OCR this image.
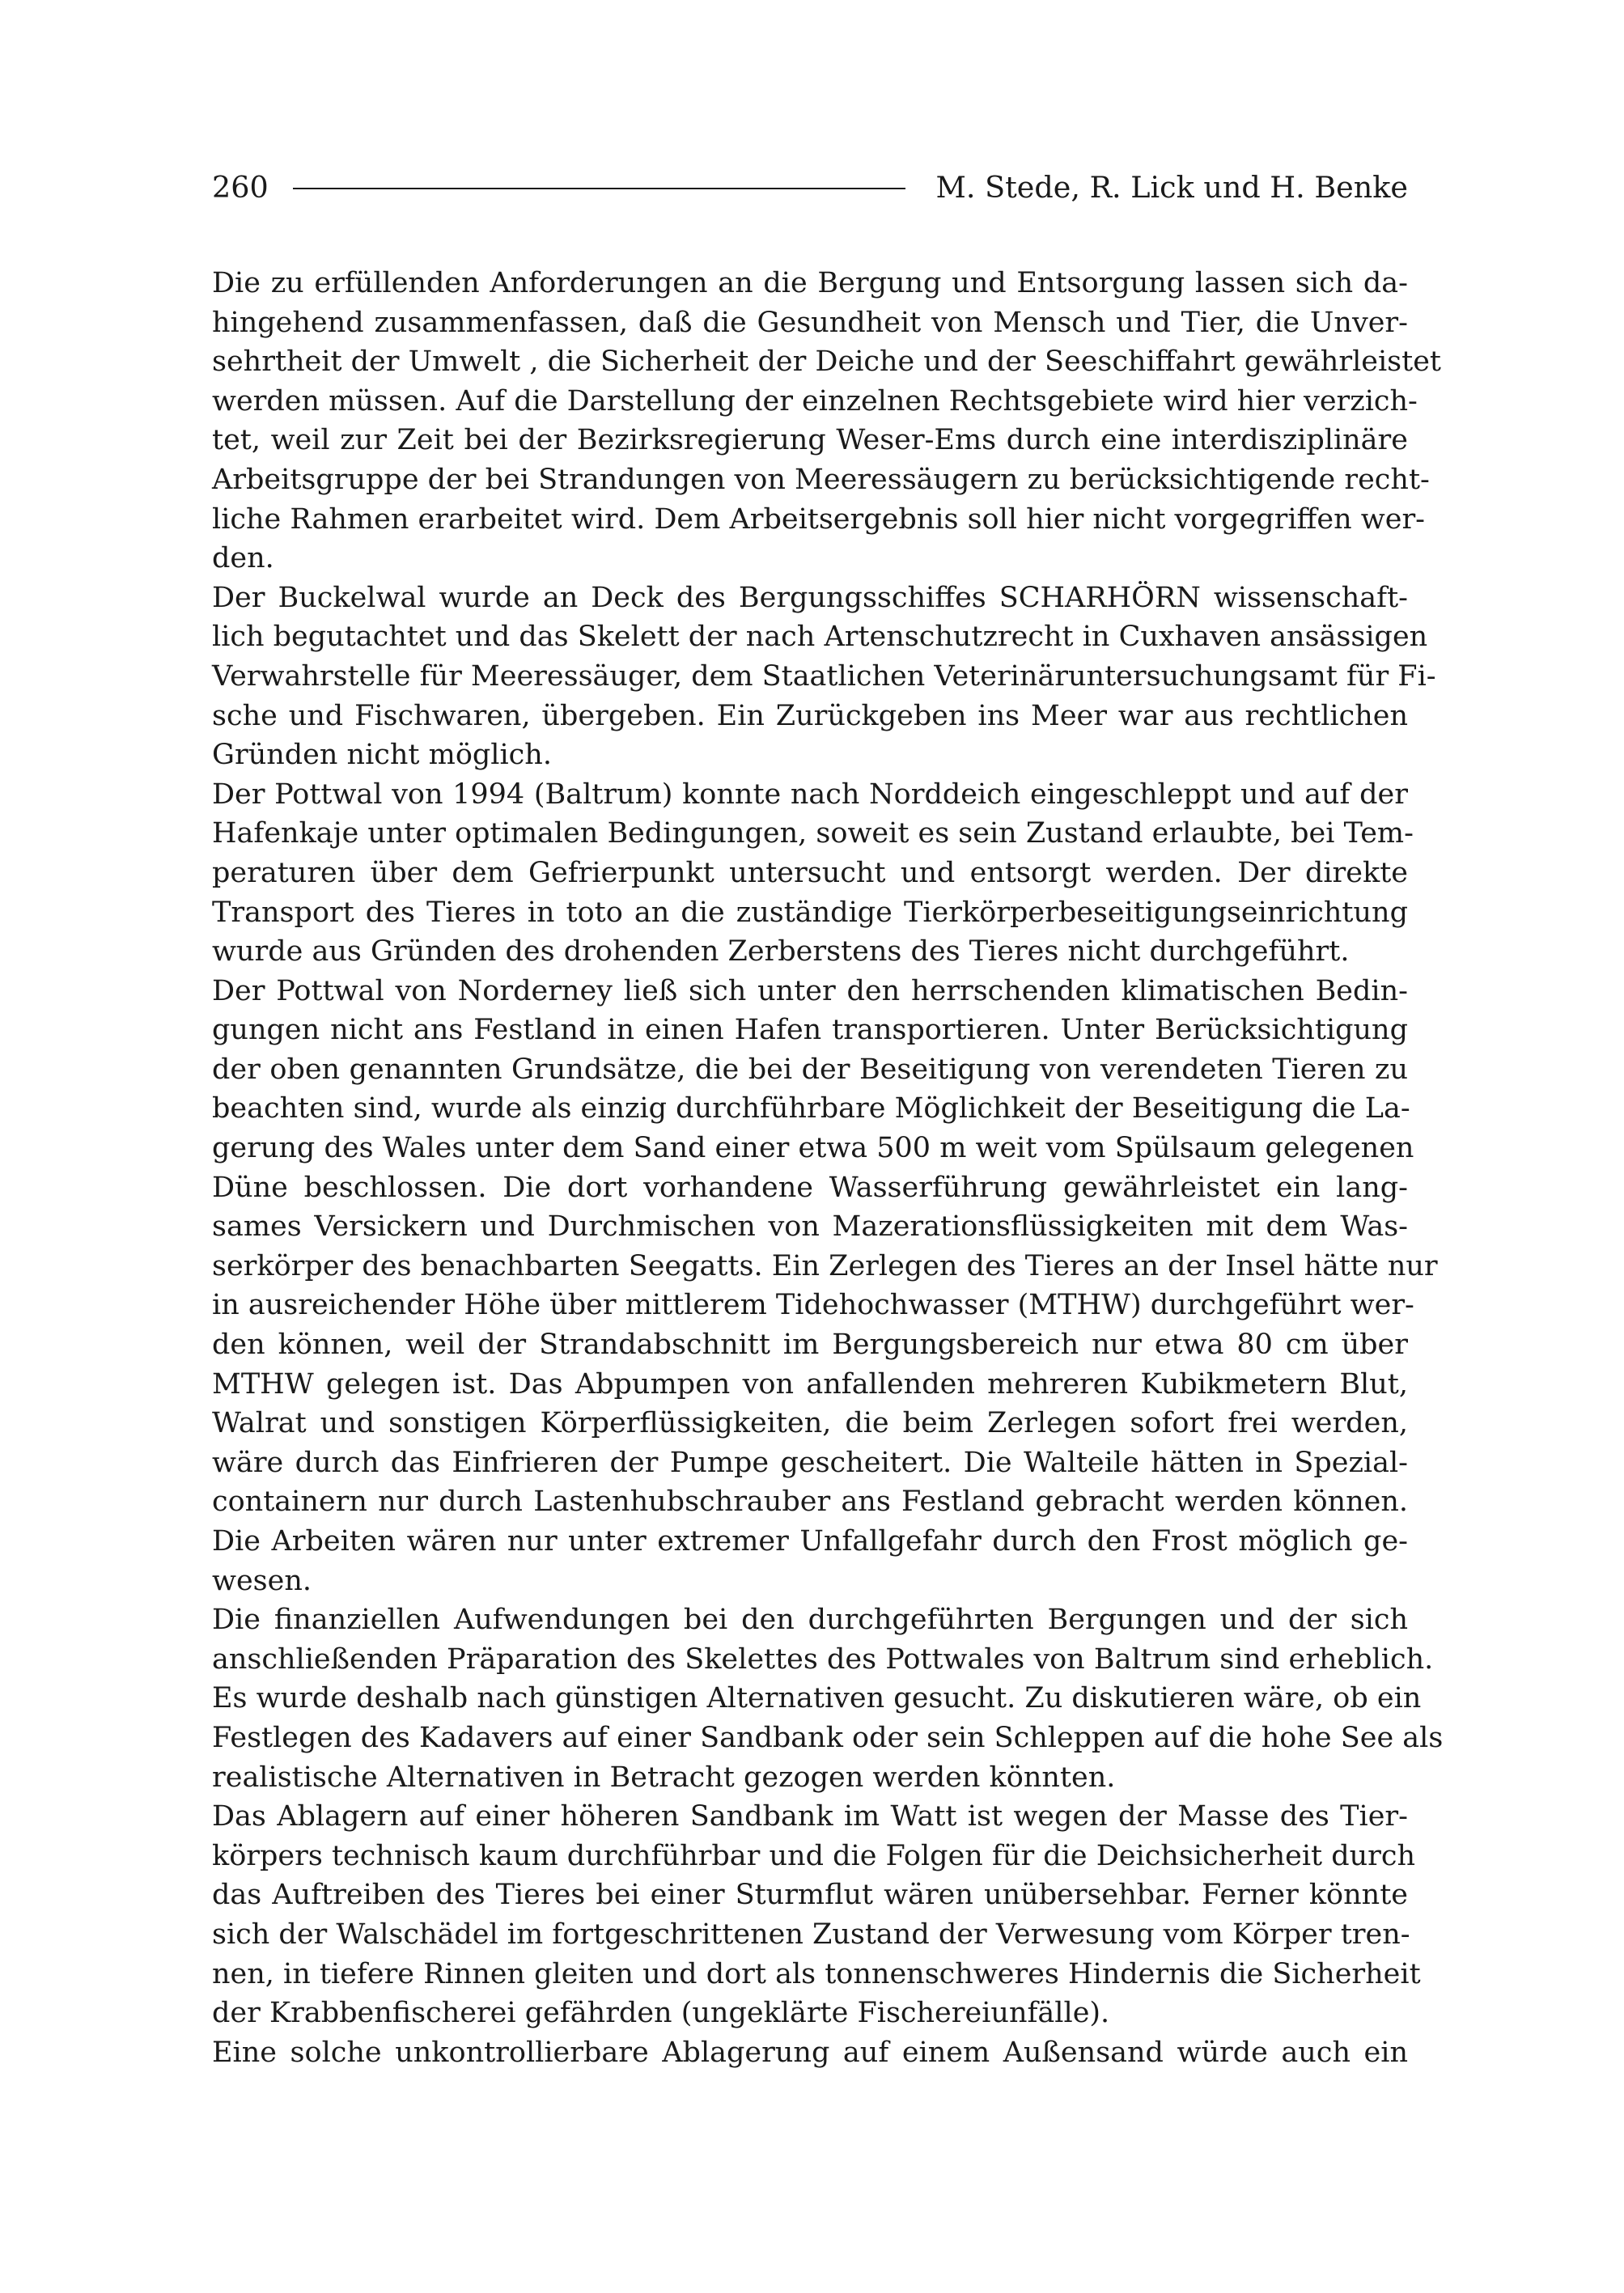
260	M. Stede, R. Lick und H. Benke

Die zu erfüllenden Anforderungen an die Bergung und Entsorgung lassen sich da-
hingehend zusammenfassen, daß die Gesundheit von Mensch und Tier, die Unver-
sehrtheit der Umwelt , die Sicherheit der Deiche und der Seeschiffahrt gewährleistet
werden müssen. Auf die Darstellung der einzelnen Rechtsgebiete wird hier verzich-
tet, weil zur Zeit bei der Bezirksregierung Weser-Ems durch eine interdisziplinäre
Arbeitsgruppe der bei Strandungen von Meeressäugern zu berücksichtigende recht-
liche Rahmen erarbeitet wird. Dem Arbeitsergebnis soll hier nicht vorgegriffen wer-
den.

Der Buckelwal wurde an Deck des Bergungsschiffes SCHARHÖRN wissenschaft-
lich begutachtet und das Skelett der nach Artenschutzrecht in Cuxhaven ansässigen
Verwahrstelle für Meeressäuger, dem Staatlichen Veterinäruntersuchungsamt für Fi-
sche und Fischwaren, übergeben. Ein Zurückgeben ins Meer war aus rechtlichen
Gründen nicht möglich.

Der Pottwal von 1994 (Baltrum) konnte nach Norddeich eingeschleppt und auf der
Hafenkaje unter optimalen Bedingungen, soweit es sein Zustand erlaubte, bei Tem-
peraturen über dem Gefrierpunkt untersucht und entsorgt werden. Der direkte
Transport des Tieres in toto an die zuständige Tierkörperbeseitigungseinrichtung
wurde aus Gründen des drohenden Zerberstens des Tieres nicht durchgeführt.

Der Pottwal von Norderney ließ sich unter den herrschenden klimatischen Bedin-
gungen nicht ans Festland in einen Hafen transportieren. Unter Berücksichtigung
der oben genannten Grundsätze, die bei der Beseitigung von verendeten Tieren zu
beachten sind, wurde als einzig durchführbare Möglichkeit der Beseitigung die La-
gerung des Wales unter dem Sand einer etwa 500 m weit vom Spülsaum gelegenen
Düne beschlossen. Die dort vorhandene Wasserführung gewährleistet ein lang-
sames Versickern und Durchmischen von Mazerationsflüssigkeiten mit dem Was-
serkörper des benachbarten Seegatts. Ein Zerlegen des Tieres an der Insel hätte nur
in ausreichender Höhe über mittlerem Tidehochwasser (MTHW) durchgeführt wer-
den können, weil der Strandabschnitt im Bergungsbereich nur etwa 80 cm über
MTHW gelegen ist. Das Abpumpen von anfallenden mehreren Kubikmetern Blut,
Walrat und sonstigen Körperflüssigkeiten, die beim Zerlegen sofort frei werden,
wäre durch das Einfrieren der Pumpe gescheitert. Die Walteile hätten in Spezial-
containern nur durch Lastenhubschrauber ans Festland gebracht werden können.
Die Arbeiten wären nur unter extremer Unfallgefahr durch den Frost möglich ge-
wesen.

Die finanziellen Aufwendungen bei den durchgeführten Bergungen und der sich
anschließenden Präparation des Skelettes des Pottwales von Baltrum sind erheblich.
Es wurde deshalb nach günstigen Alternativen gesucht. Zu diskutieren wäre, ob ein
Festlegen des Kadavers auf einer Sandbank oder sein Schleppen auf die hohe See als
realistische Alternativen in Betracht gezogen werden könnten.

Das Ablagern auf einer höheren Sandbank im Watt ist wegen der Masse des Tier-
körpers technisch kaum durchführbar und die Folgen für die Deichsicherheit durch
das Auftreiben des Tieres bei einer Sturmflut wären unübersehbar. Ferner könnte
sich der Walschädel im fortgeschrittenen Zustand der Verwesung vom Körper tren-
nen, in tiefere Rinnen gleiten und dort als tonnenschweres Hindernis die Sicherheit
der Krabbenfischerei gefährden (ungeklärte Fischereiunfälle).

Eine solche unkontrollierbare Ablagerung auf einem Außensand würde auch ein
